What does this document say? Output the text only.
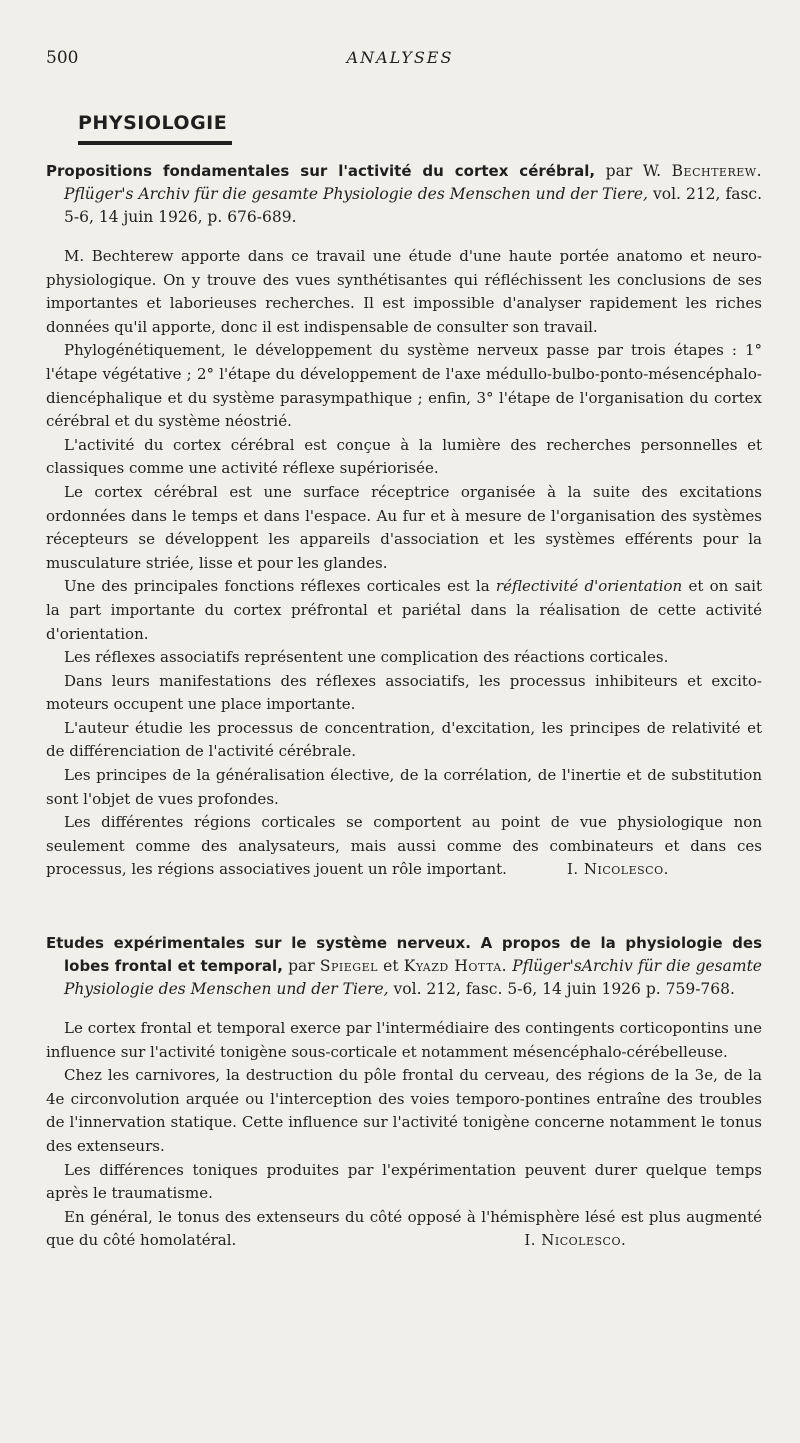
500	ANALYSES
PHYSIOLOGIE

Propositions fondamentales sur l'activité du cortex cérébral, par W. Bechterew. Pflüger's Archiv für die gesamte Physiologie des Menschen und der Tiere, vol. 212, fasc. 5-6, 14 juin 1926, p. 676-689.

M. Bechterew apporte dans ce travail une étude d'une haute portée anatomo et neuro-physiologique. On y trouve des vues synthétisantes qui réfléchissent les conclusions de ses importantes et laborieuses recherches. Il est impossible d'analyser rapidement les riches données qu'il apporte, donc il est indispensable de consulter son travail.

Phylogénétiquement, le développement du système nerveux passe par trois étapes : 1° l'étape végétative ; 2° l'étape du développement de l'axe médullo-bulbo-ponto-mésencéphalo-diencéphalique et du système parasympathique ; enfin, 3° l'étape de l'organisation du cortex cérébral et du système néostrié.

L'activité du cortex cérébral est conçue à la lumière des recherches personnelles et classiques comme une activité réflexe supériorisée.

Le cortex cérébral est une surface réceptrice organisée à la suite des excitations ordonnées dans le temps et dans l'espace. Au fur et à mesure de l'organisation des systèmes récepteurs se développent les appareils d'association et les systèmes efférents pour la musculature striée, lisse et pour les glandes.

Une des principales fonctions réflexes corticales est la réflectivité d'orientation et on sait la part importante du cortex préfrontal et pariétal dans la réalisation de cette activité d'orientation.

Les réflexes associatifs représentent une complication des réactions corticales.

Dans leurs manifestations des réflexes associatifs, les processus inhibiteurs et excito-moteurs occupent une place importante.

L'auteur étudie les processus de concentration, d'excitation, les principes de relativité et de différenciation de l'activité cérébrale.

Les principes de la généralisation élective, de la corrélation, de l'inertie et de substitution sont l'objet de vues profondes.

Les différentes régions corticales se comportent au point de vue physiologique non seulement comme des analysateurs, mais aussi comme des combinateurs et dans ces processus, les régions associatives jouent un rôle important.	I. Nicolesco.

Etudes expérimentales sur le système nerveux. A propos de la physiologie des lobes frontal et temporal, par Spiegel et Kyazd Hotta. Pflüger'sArchiv für die gesamte Physiologie des Menschen und der Tiere, vol. 212, fasc. 5-6, 14 juin 1926 p. 759-768.

Le cortex frontal et temporal exerce par l'intermédiaire des contingents corticopontins une influence sur l'activité tonigène sous-corticale et notamment mésencéphalo-cérébelleuse.

Chez les carnivores, la destruction du pôle frontal du cerveau, des régions de la 3e, de la 4e circonvolution arquée ou l'interception des voies temporo-pontines entraîne des troubles de l'innervation statique. Cette influence sur l'activité tonigène concerne notamment le tonus des extenseurs.

Les différences toniques produites par l'expérimentation peuvent durer quelque temps après le traumatisme.

En général, le tonus des extenseurs du côté opposé à l'hémisphère lésé est plus augmenté que du côté homolatéral.	I. Nicolesco.
